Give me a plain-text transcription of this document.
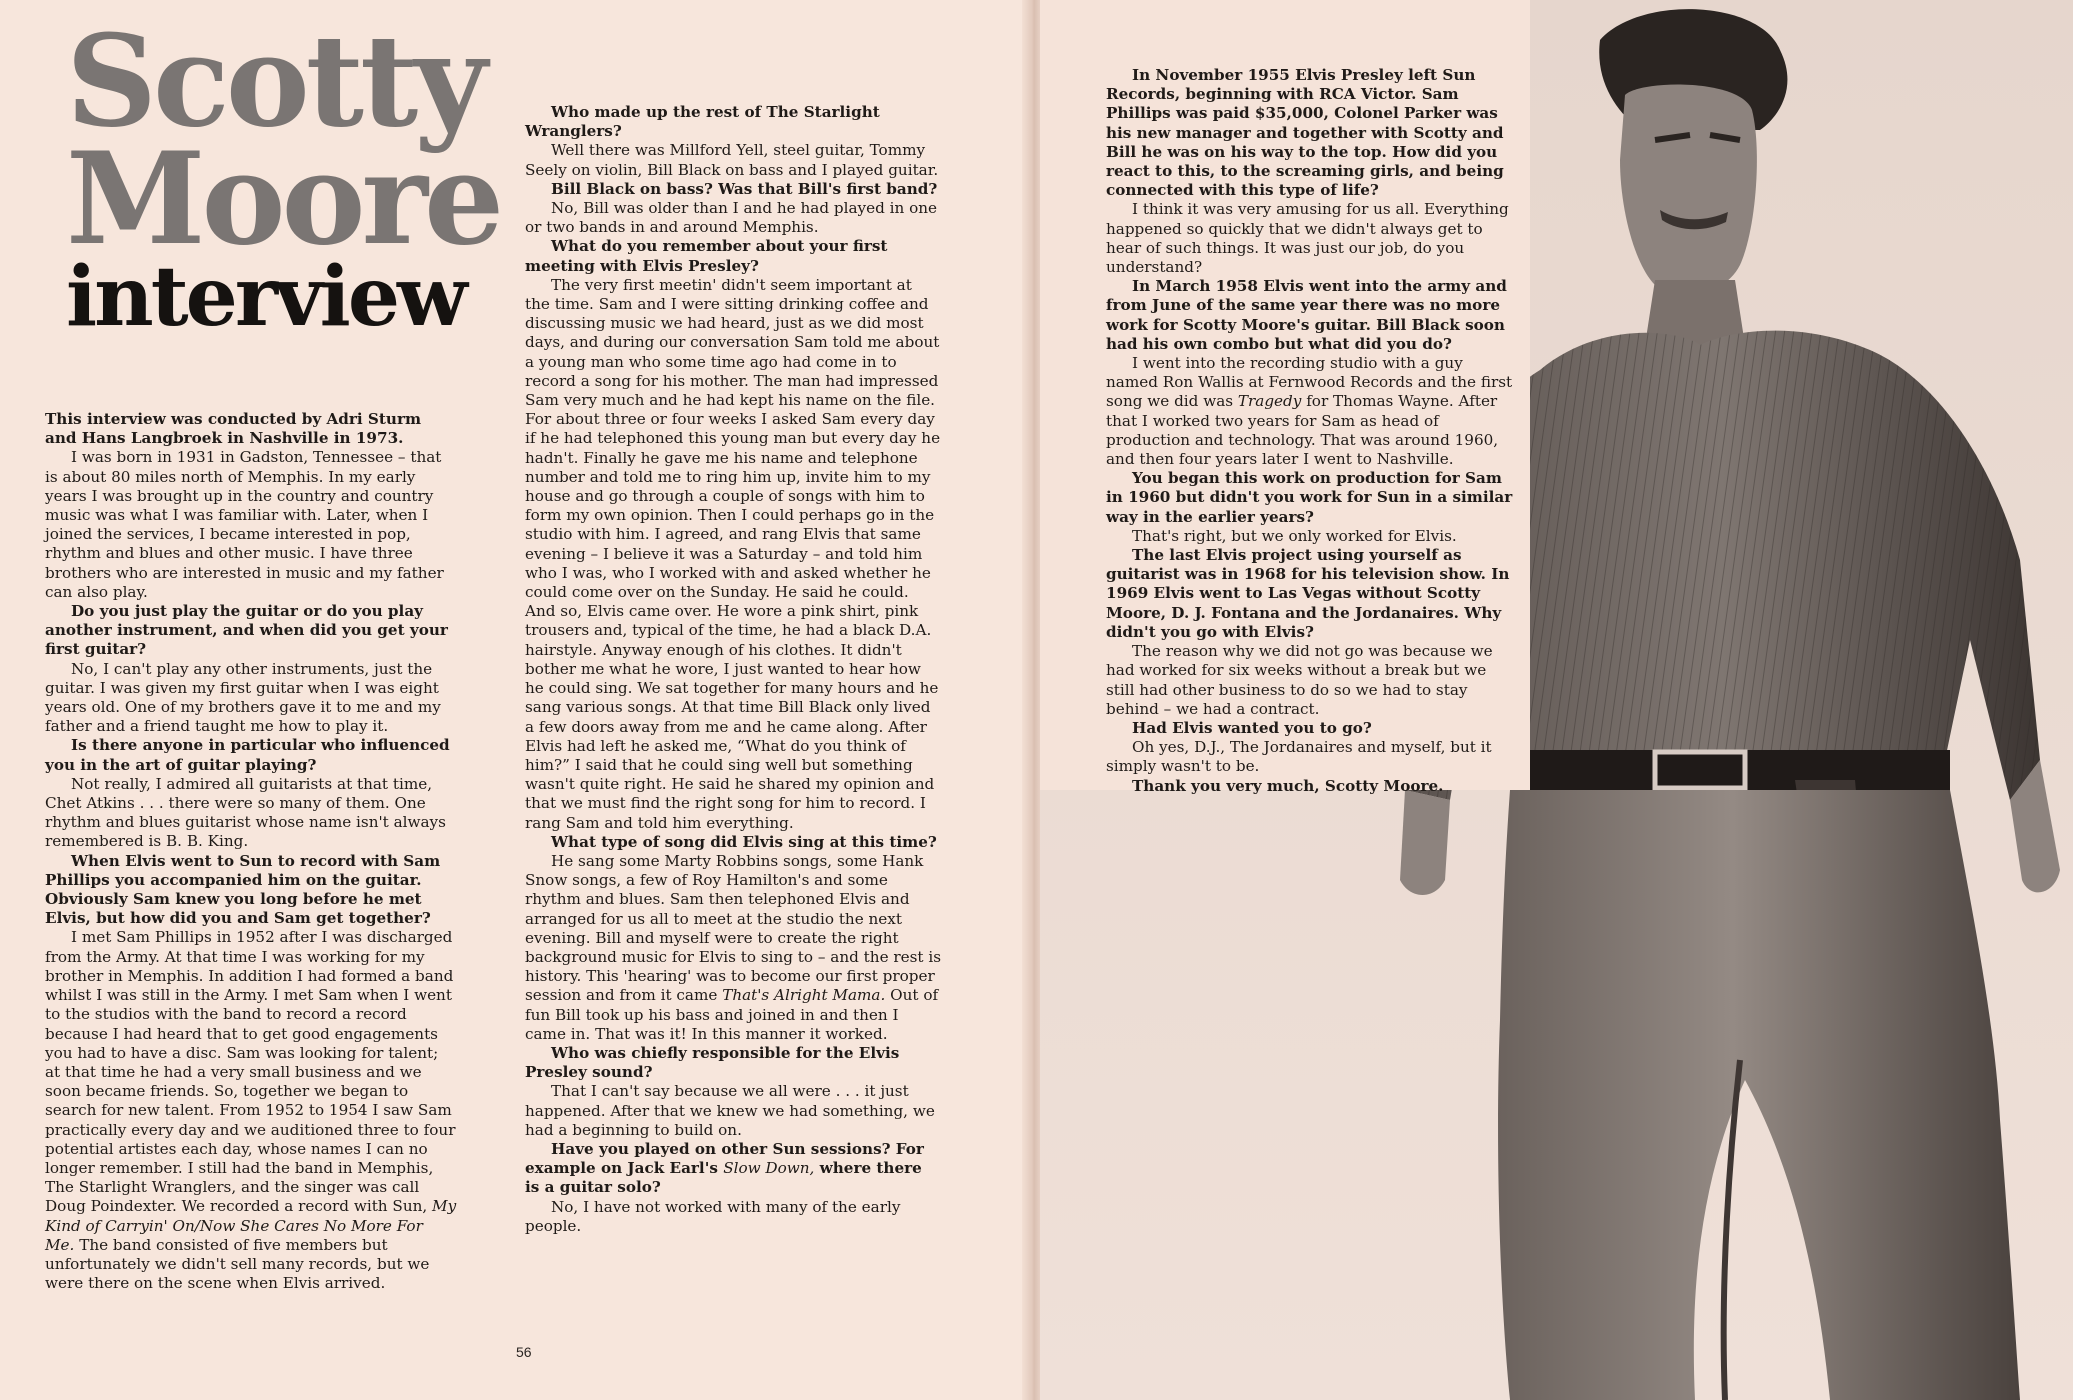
Scotty
Moore
interview

This interview was conducted by Adri Sturm and Hans Langbroek in Nashville in 1973.

I was born in 1931 in Gadston, Tennessee – that is about 80 miles north of Memphis. In my early years I was brought up in the country and country music was what I was familiar with. Later, when I joined the services, I became interested in pop, rhythm and blues and other music. I have three brothers who are interested in music and my father can also play.

Do you just play the guitar or do you play another instrument, and when did you get your first guitar?

No, I can't play any other instruments, just the guitar. I was given my first guitar when I was eight years old. One of my brothers gave it to me and my father and a friend taught me how to play it.

Is there anyone in particular who influenced you in the art of guitar playing?

Not really, I admired all guitarists at that time, Chet Atkins . . . there were so many of them. One rhythm and blues guitarist whose name isn't always remembered is B. B. King.

When Elvis went to Sun to record with Sam Phillips you accompanied him on the guitar. Obviously Sam knew you long before he met Elvis, but how did you and Sam get together?

I met Sam Phillips in 1952 after I was discharged from the Army. At that time I was working for my brother in Memphis. In addition I had formed a band whilst I was still in the Army. I met Sam when I went to the studios with the band to record a record because I had heard that to get good engagements you had to have a disc. Sam was looking for talent; at that time he had a very small business and we soon became friends. So, together we began to search for new talent. From 1952 to 1954 I saw Sam practically every day and we auditioned three to four potential artistes each day, whose names I can no longer remember. I still had the band in Memphis, The Starlight Wranglers, and the singer was call Doug Poindexter. We recorded a record with Sun, My Kind of Carryin' On/Now She Cares No More For Me. The band consisted of five members but unfortunately we didn't sell many records, but we were there on the scene when Elvis arrived.

Who made up the rest of The Starlight Wranglers?

Well there was Millford Yell, steel guitar, Tommy Seely on violin, Bill Black on bass and I played guitar.

Bill Black on bass? Was that Bill's first band?

No, Bill was older than I and he had played in one or two bands in and around Memphis.

What do you remember about your first meeting with Elvis Presley?

The very first meetin' didn't seem important at the time. Sam and I were sitting drinking coffee and discussing music we had heard, just as we did most days, and during our conversation Sam told me about a young man who some time ago had come in to record a song for his mother. The man had impressed Sam very much and he had kept his name on the file. For about three or four weeks I asked Sam every day if he had telephoned this young man but every day he hadn't. Finally he gave me his name and telephone number and told me to ring him up, invite him to my house and go through a couple of songs with him to form my own opinion. Then I could perhaps go in the studio with him. I agreed, and rang Elvis that same evening – I believe it was a Saturday – and told him who I was, who I worked with and asked whether he could come over on the Sunday. He said he could. And so, Elvis came over. He wore a pink shirt, pink trousers and, typical of the time, he had a black D.A. hairstyle. Anyway enough of his clothes. It didn't bother me what he wore, I just wanted to hear how he could sing. We sat together for many hours and he sang various songs. At that time Bill Black only lived a few doors away from me and he came along. After Elvis had left he asked me, “What do you think of him?” I said that he could sing well but something wasn't quite right. He said he shared my opinion and that we must find the right song for him to record. I rang Sam and told him everything.

What type of song did Elvis sing at this time?

He sang some Marty Robbins songs, some Hank Snow songs, a few of Roy Hamilton's and some rhythm and blues. Sam then telephoned Elvis and arranged for us all to meet at the studio the next evening. Bill and myself were to create the right background music for Elvis to sing to – and the rest is history. This 'hearing' was to become our first proper session and from it came That's Alright Mama. Out of fun Bill took up his bass and joined in and then I came in. That was it! In this manner it worked.

Who was chiefly responsible for the Elvis Presley sound?

That I can't say because we all were . . . it just happened. After that we knew we had something, we had a beginning to build on.

Have you played on other Sun sessions? For example on Jack Earl's Slow Down, where there is a guitar solo?

No, I have not worked with many of the early people.

56

In November 1955 Elvis Presley left Sun Records, beginning with RCA Victor. Sam Phillips was paid $35,000, Colonel Parker was his new manager and together with Scotty and Bill he was on his way to the top. How did you react to this, to the screaming girls, and being connected with this type of life?

I think it was very amusing for us all. Everything happened so quickly that we didn't always get to hear of such things. It was just our job, do you understand?

In March 1958 Elvis went into the army and from June of the same year there was no more work for Scotty Moore's guitar. Bill Black soon had his own combo but what did you do?

I went into the recording studio with a guy named Ron Wallis at Fernwood Records and the first song we did was Tragedy for Thomas Wayne. After that I worked two years for Sam as head of production and technology. That was around 1960, and then four years later I went to Nashville.

You began this work on production for Sam in 1960 but didn't you work for Sun in a similar way in the earlier years?

That's right, but we only worked for Elvis.

The last Elvis project using yourself as guitarist was in 1968 for his television show. In 1969 Elvis went to Las Vegas without Scotty Moore, D. J. Fontana and the Jordanaires. Why didn't you go with Elvis?

The reason why we did not go was because we had worked for six weeks without a break but we still had other business to do so we had to stay behind – we had a contract.

Had Elvis wanted you to go?

Oh yes, D.J., The Jordanaires and myself, but it simply wasn't to be.

Thank you very much, Scotty Moore.
